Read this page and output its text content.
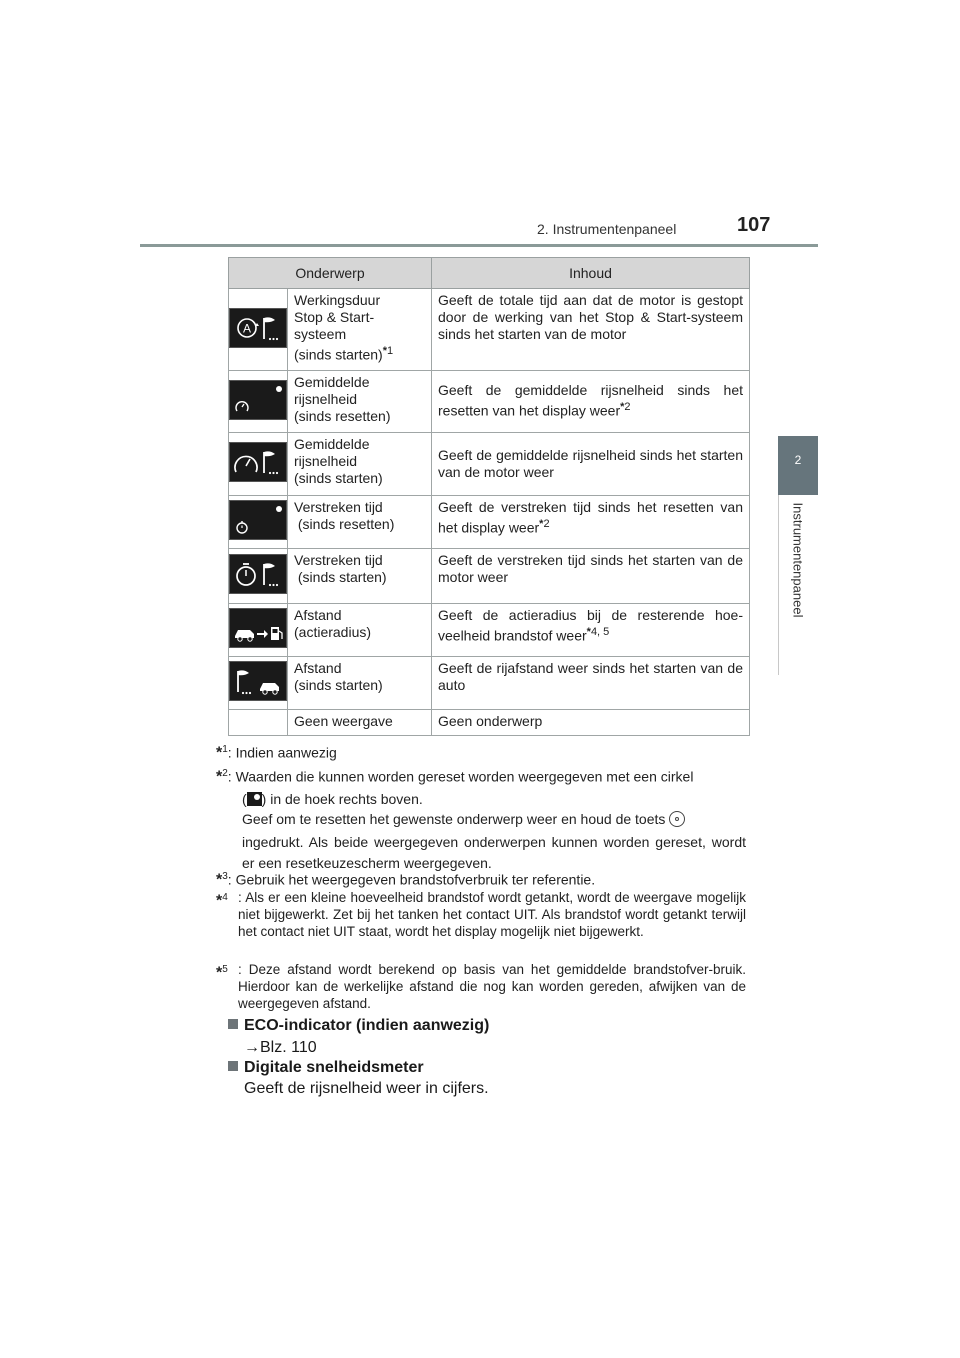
2. Instrumentenpaneel	107
2
Instrumentenpaneel
Onderwerp		Inhoud

A	Werkingsduur
Stop & Start-
systeem
(sinds starten)$^{*1}$	Geeft de totale tijd aan dat de motor is gestopt door de werking van het Stop & Start-systeem sinds het starten van de motor

	Gemiddelde
rijsnelheid
(sinds resetten)	Geeft de gemiddelde rijsnelheid sinds het resetten van het display weer$^{*2}$

	Gemiddelde
rijsnelheid
(sinds starten)	Geeft de gemiddelde rijsnelheid sinds het starten van de motor weer

	Verstreken tijd
(sinds resetten)	Geeft de verstreken tijd sinds het resetten van het display weer$^{*2}$

	Verstreken tijd
(sinds starten)	Geeft de verstreken tijd sinds het starten van de motor weer

	Afstand
(actieradius)	Geeft de actieradius bij de resterende hoe-veelheid brandstof weer$^{*4, 5}$

	Afstand
(sinds starten)	Geeft de rijafstand weer sinds het starten van de auto
	Geen weergave	Geen onderwerp
*$^1$: Indien aanwezig
*$^2$: Waarden die kunnen worden gereset worden weergegeven met een cirkel
( ) in de hoek rechts boven.
Geef om te resetten het gewenste onderwerp weer en houd de toets
ingedrukt. Als beide weergegeven onderwerpen kunnen worden gereset, wordt er een resetkeuzescherm weergegeven.
*$^3$: Gebruik het weergegeven brandstofverbruik ter referentie.
*$^4$ : Als er een kleine hoeveelheid brandstof wordt getankt, wordt de weergave mogelijk niet bijgewerkt. Zet bij het tanken het contact UIT. Als brandstof wordt getankt terwijl het contact niet UIT staat, wordt het display mogelijk niet bijgewerkt.
*$^5$ : Deze afstand wordt berekend op basis van het gemiddelde brandstofver-bruik. Hierdoor kan de werkelijke afstand die nog kan worden gereden, afwijken van de weergegeven afstand.
ECO-indicator (indien aanwezig)
→Blz. 110
Digitale snelheidsmeter
Geeft de rijsnelheid weer in cijfers.
